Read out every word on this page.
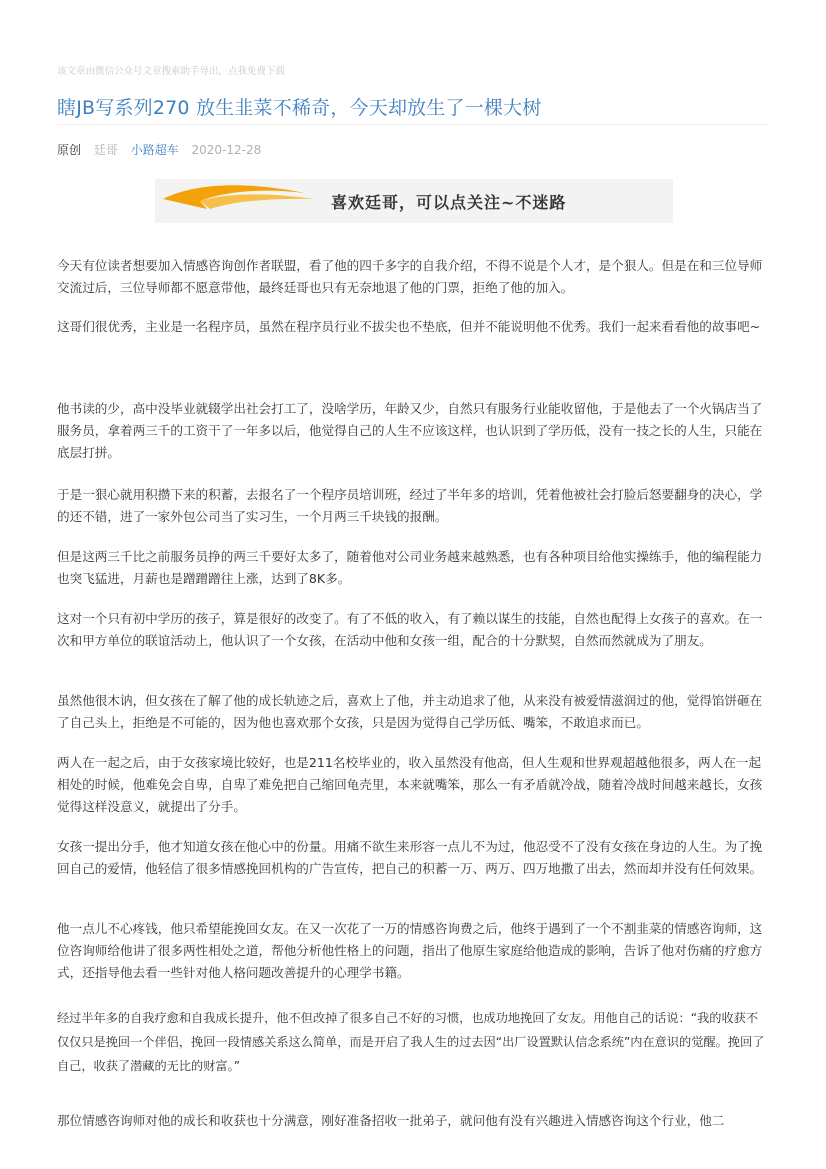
该文章由微信公众号文章搜索助手导出，点我免费下载
瞎JB写系列270 放生韭菜不稀奇，今天却放生了一棵大树
原创 廷哥 小路超车 2020-12-28
喜欢廷哥，可以点关注~不迷路

今天有位读者想要加入情感咨询创作者联盟，看了他的四千多字的自我介绍，不得不说是个人才，是个狠人。但是在和三位导师交流过后，三位导师都不愿意带他，最终廷哥也只有无奈地退了他的门票，拒绝了他的加入。

这哥们很优秀，主业是一名程序员，虽然在程序员行业不拔尖也不垫底，但并不能说明他不优秀。我们一起来看看他的故事吧~

他书读的少，高中没毕业就辍学出社会打工了，没啥学历，年龄又少，自然只有服务行业能收留他，于是他去了一个火锅店当了服务员，拿着两三千的工资干了一年多以后，他觉得自己的人生不应该这样，也认识到了学历低，没有一技之长的人生，只能在底层打拼。

于是一狠心就用积攒下来的积蓄，去报名了一个程序员培训班，经过了半年多的培训，凭着他被社会打脸后怒要翻身的决心，学的还不错，进了一家外包公司当了实习生，一个月两三千块钱的报酬。

但是这两三千比之前服务员挣的两三千要好太多了，随着他对公司业务越来越熟悉，也有各种项目给他实操练手，他的编程能力也突飞猛进，月薪也是蹭蹭蹭往上涨，达到了8K多。

这对一个只有初中学历的孩子，算是很好的改变了。有了不低的收入，有了赖以谋生的技能，自然也配得上女孩子的喜欢。在一次和甲方单位的联谊活动上，他认识了一个女孩，在活动中他和女孩一组，配合的十分默契，自然而然就成为了朋友。

虽然他很木讷，但女孩在了解了他的成长轨迹之后，喜欢上了他，并主动追求了他，从来没有被爱情滋润过的他，觉得馅饼砸在了自己头上，拒绝是不可能的，因为他也喜欢那个女孩，只是因为觉得自己学历低、嘴笨，不敢追求而已。

两人在一起之后，由于女孩家境比较好，也是211名校毕业的，收入虽然没有他高，但人生观和世界观超越他很多，两人在一起相处的时候，他难免会自卑，自卑了难免把自己缩回龟壳里，本来就嘴笨，那么一有矛盾就冷战，随着冷战时间越来越长，女孩觉得这样没意义，就提出了分手。

女孩一提出分手，他才知道女孩在他心中的份量。用痛不欲生来形容一点儿不为过，他忍受不了没有女孩在身边的人生。为了挽回自己的爱情，他轻信了很多情感挽回机构的广告宣传，把自己的积蓄一万、两万、四万地撒了出去，然而却并没有任何效果。

他一点儿不心疼钱，他只希望能挽回女友。在又一次花了一万的情感咨询费之后，他终于遇到了一个不割韭菜的情感咨询师，这位咨询师给他讲了很多两性相处之道，帮他分析他性格上的问题，指出了他原生家庭给他造成的影响，告诉了他对伤痛的疗愈方式，还指导他去看一些针对他人格问题改善提升的心理学书籍。

经过半年多的自我疗愈和自我成长提升，他不但改掉了很多自己不好的习惯，也成功地挽回了女友。用他自己的话说：“我的收获不仅仅只是挽回一个伴侣，挽回一段情感关系这么简单，而是开启了我人生的过去因“出厂设置默认信念系统”内在意识的觉醒。挽回了自己，收获了潜藏的无比的财富。”

那位情感咨询师对他的成长和收获也十分满意，刚好准备招收一批弟子，就问他有没有兴趣进入情感咨询这个行业，他二
